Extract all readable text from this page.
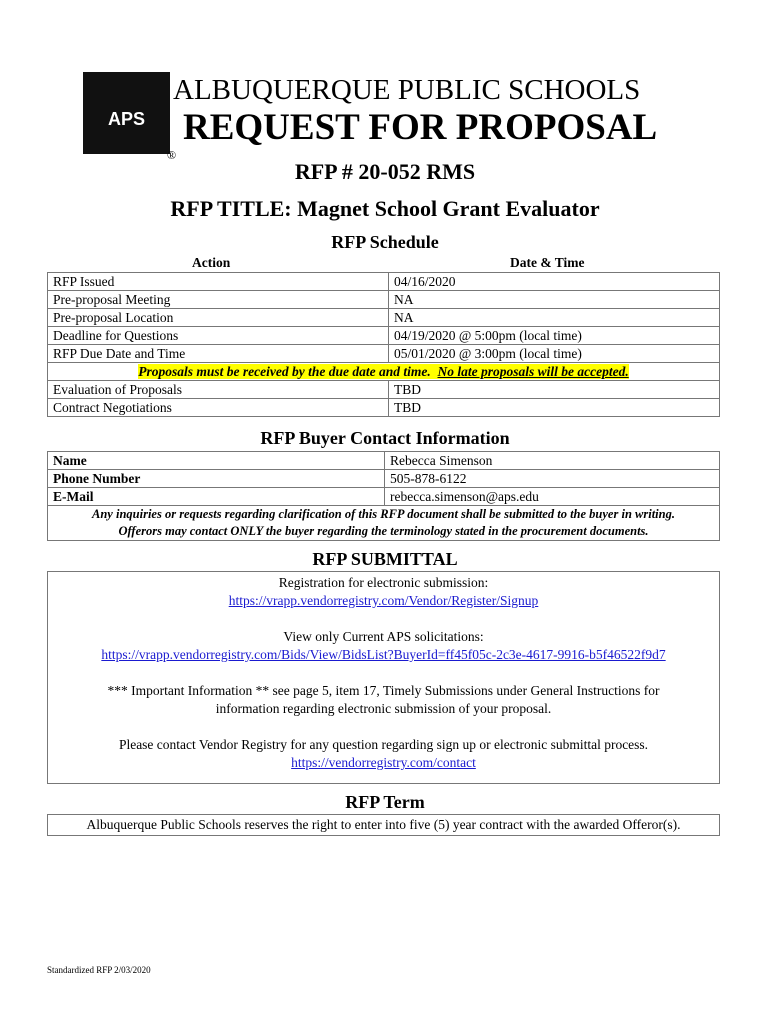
APS
®
ALBUQUERQUE PUBLIC SCHOOLS
REQUEST FOR PROPOSAL
RFP # 20-052 RMS
RFP TITLE: Magnet School Grant Evaluator
RFP Schedule
Action	Date & Time
RFP Issued	04/16/2020
Pre-proposal Meeting	NA
Pre-proposal Location	NA
Deadline for Questions	04/19/2020 @ 5:00pm (local time)
RFP Due Date and Time	05/01/2020 @ 3:00pm (local time)
Proposals must be received by the due date and time. No late proposals will be accepted.	
Evaluation of Proposals	TBD
Contract Negotiations	TBD
RFP Buyer Contact Information
Name	Rebecca Simenson
Phone Number	505-878-6122
E-Mail	rebecca.simenson@aps.edu

Any inquiries or requests regarding clarification of this RFP document shall be submitted to the buyer in writing.
Offerors may contact ONLY the buyer regarding the terminology stated in the procurement documents.	
RFP SUBMITTAL

Registration for electronic submission:

https://vrapp.vendorregistry.com/Vendor/Register/Signup

View only Current APS solicitations:

https://vrapp.vendorregistry.com/Bids/View/BidsList?BuyerId=ff45f05c-2c3e-4617-9916-b5f46522f9d7

*** Important Information ** see page 5, item 17, Timely Submissions under General Instructions for information regarding electronic submission of your proposal.

Please contact Vendor Registry for any question regarding sign up or electronic submittal process.

https://vendorregistry.com/contact
RFP Term
Albuquerque Public Schools reserves the right to enter into five (5) year contract with the awarded Offeror(s).
Standardized RFP 2/03/2020
